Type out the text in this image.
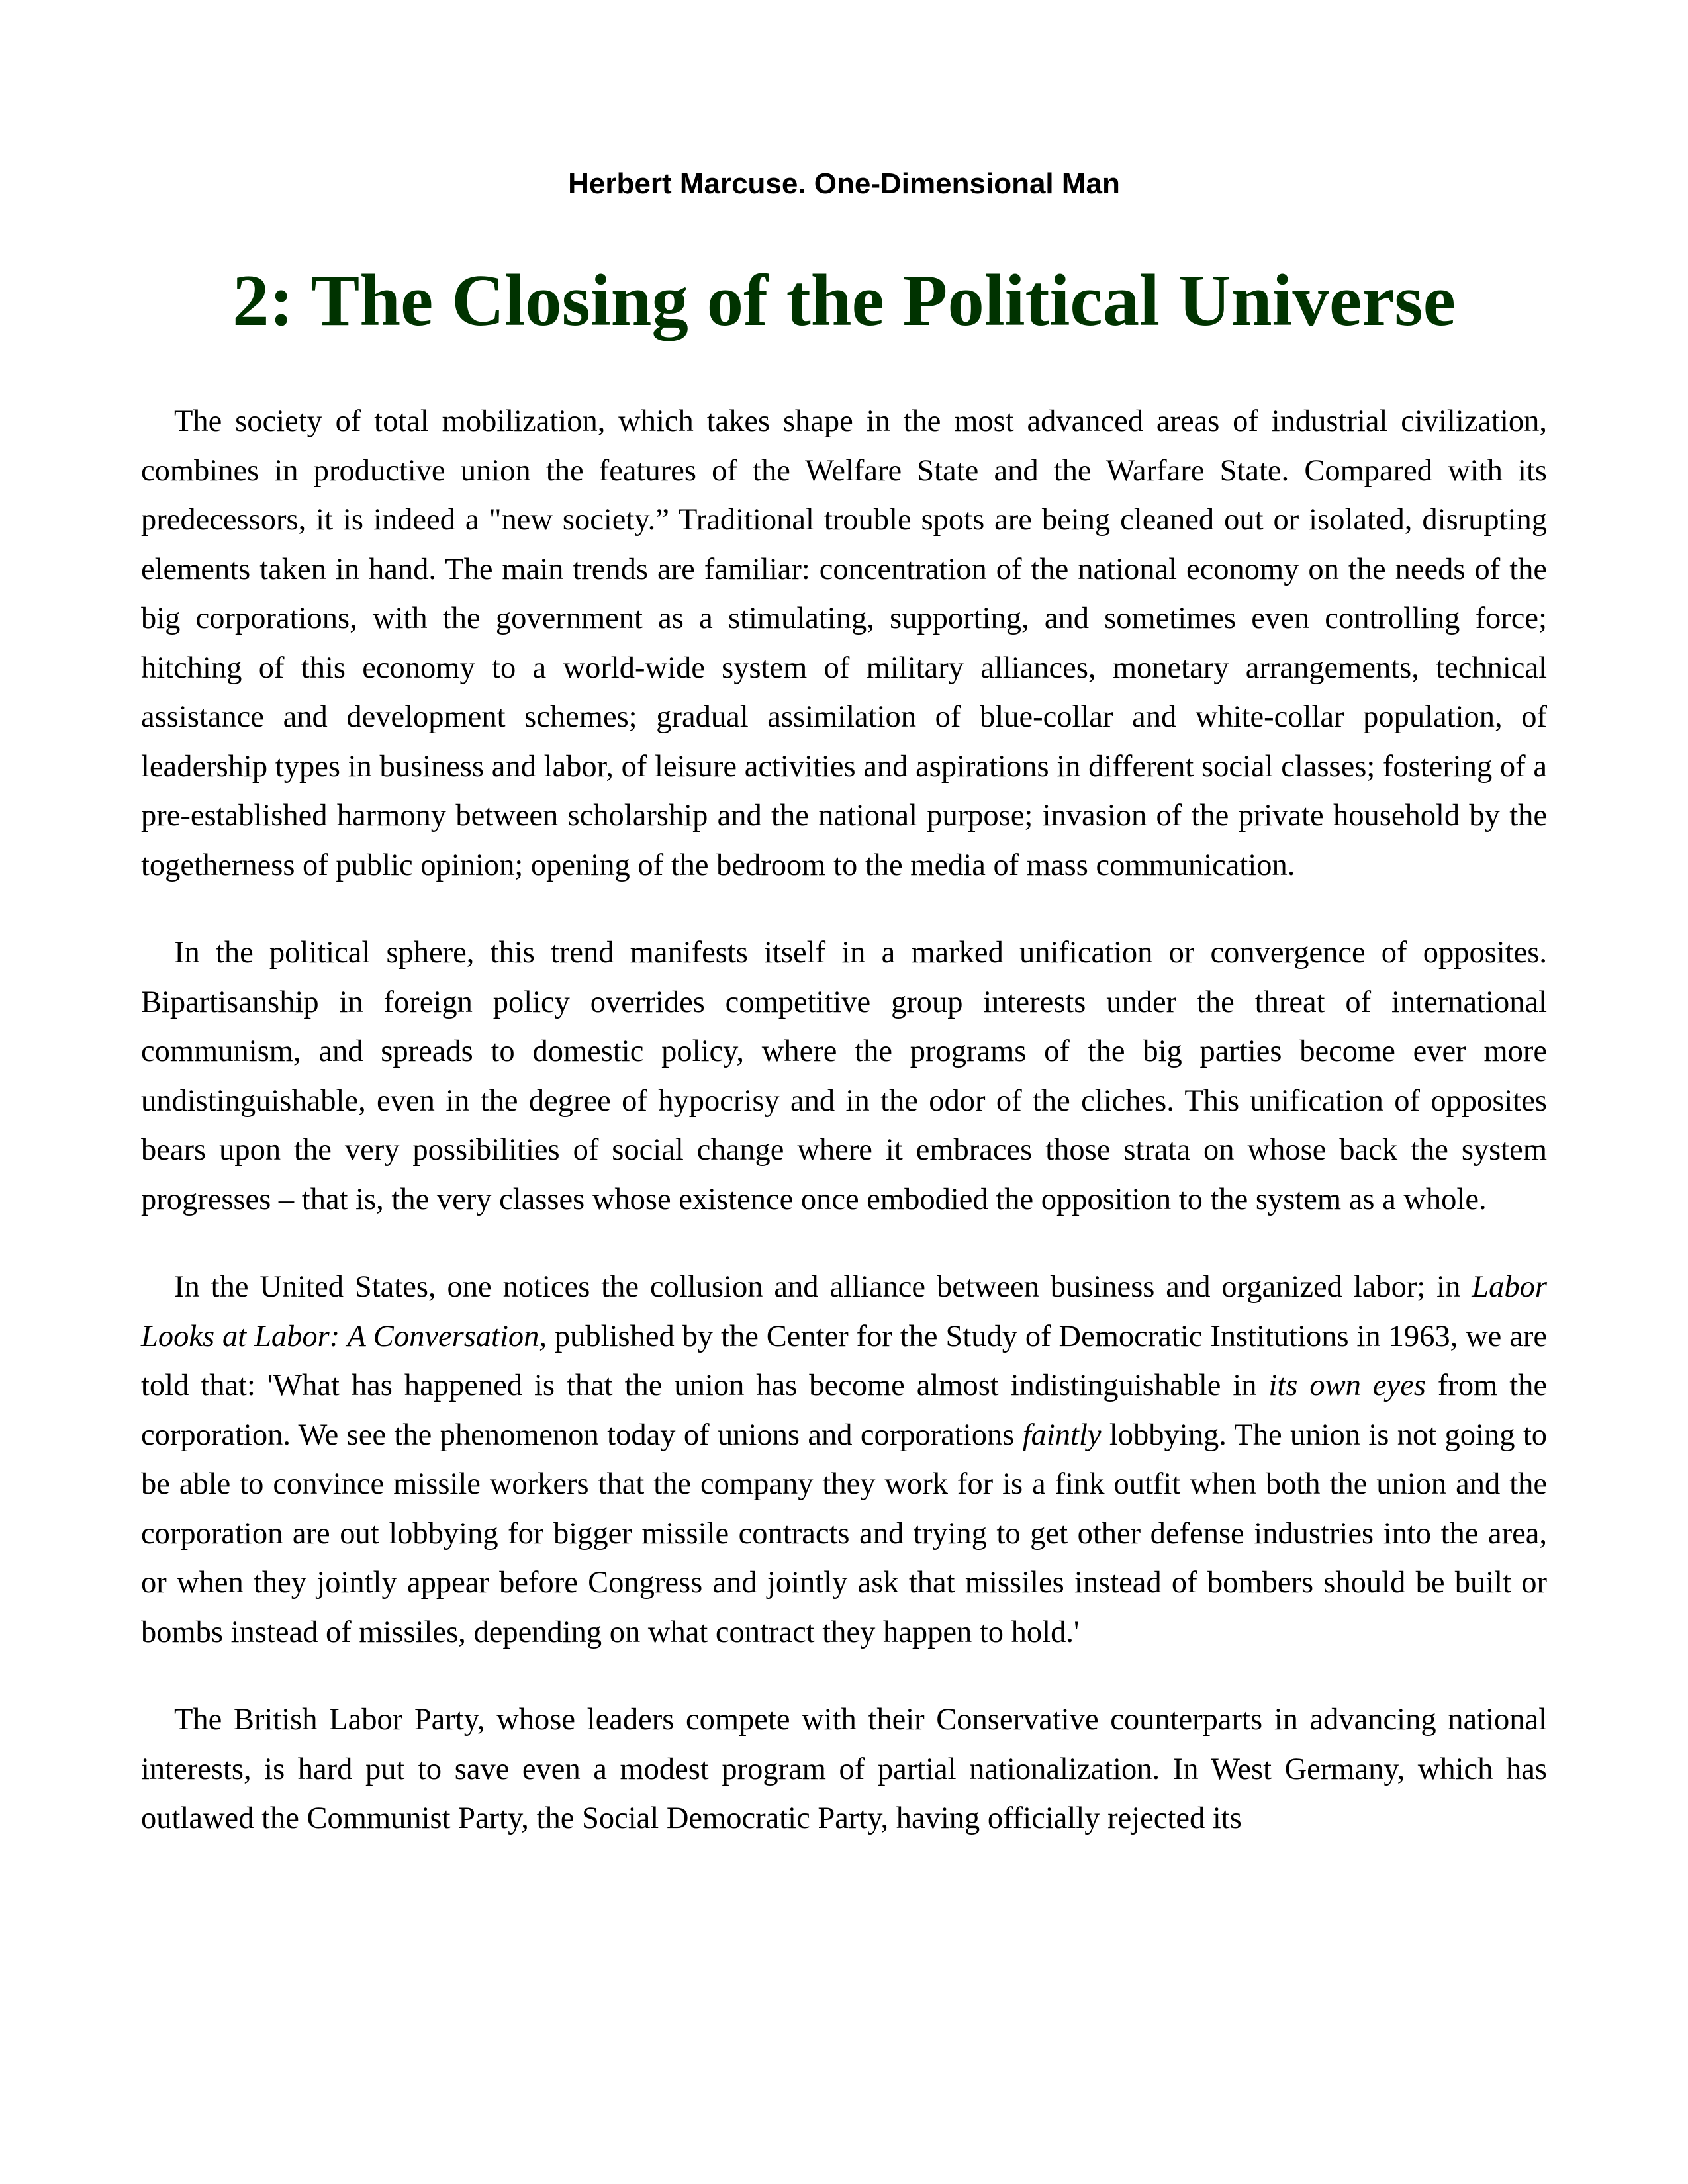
Herbert Marcuse. One-Dimensional Man
2: The Closing of the Political Universe

The society of total mobilization, which takes shape in the most advanced areas of industrial civilization, combines in productive union the features of the Welfare State and the Warfare State. Compared with its predecessors, it is indeed a "new society.” Traditional trouble spots are being cleaned out or isolated, disrupting elements taken in hand. The main trends are familiar: concentration of the national economy on the needs of the big corporations, with the government as a stimulating, supporting, and sometimes even controlling force; hitching of this economy to a world-wide system of military alliances, monetary arrangements, technical assistance and development schemes; gradual assimilation of blue-collar and white-collar population, of leadership types in business and labor, of leisure activities and aspirations in different social classes; fostering of a pre-established harmony between scholarship and the national purpose; invasion of the private household by the togetherness of public opinion; opening of the bedroom to the media of mass communication.

In the political sphere, this trend manifests itself in a marked unification or convergence of opposites. Bipartisanship in foreign policy overrides competitive group interests under the threat of international communism, and spreads to domestic policy, where the programs of the big parties become ever more undistinguishable, even in the degree of hypocrisy and in the odor of the cliches. This unification of opposites bears upon the very possibilities of social change where it embraces those strata on whose back the system progresses – that is, the very classes whose existence once embodied the opposition to the system as a whole.

In the United States, one notices the collusion and alliance between business and organized labor; in Labor Looks at Labor: A Conversation, published by the Center for the Study of Democratic Institutions in 1963, we are told that: 'What has happened is that the union has become almost indistinguishable in its own eyes from the corporation. We see the phenomenon today of unions and corporations faintly lobbying. The union is not going to be able to convince missile workers that the company they work for is a fink outfit when both the union and the corporation are out lobbying for bigger missile contracts and trying to get other defense industries into the area, or when they jointly appear before Congress and jointly ask that missiles instead of bombers should be built or bombs instead of missiles, depending on what contract they happen to hold.'

The British Labor Party, whose leaders compete with their Conservative counterparts in advancing national interests, is hard put to save even a modest program of partial nationalization. In West Germany, which has outlawed the Communist Party, the Social Democratic Party, having officially rejected its
